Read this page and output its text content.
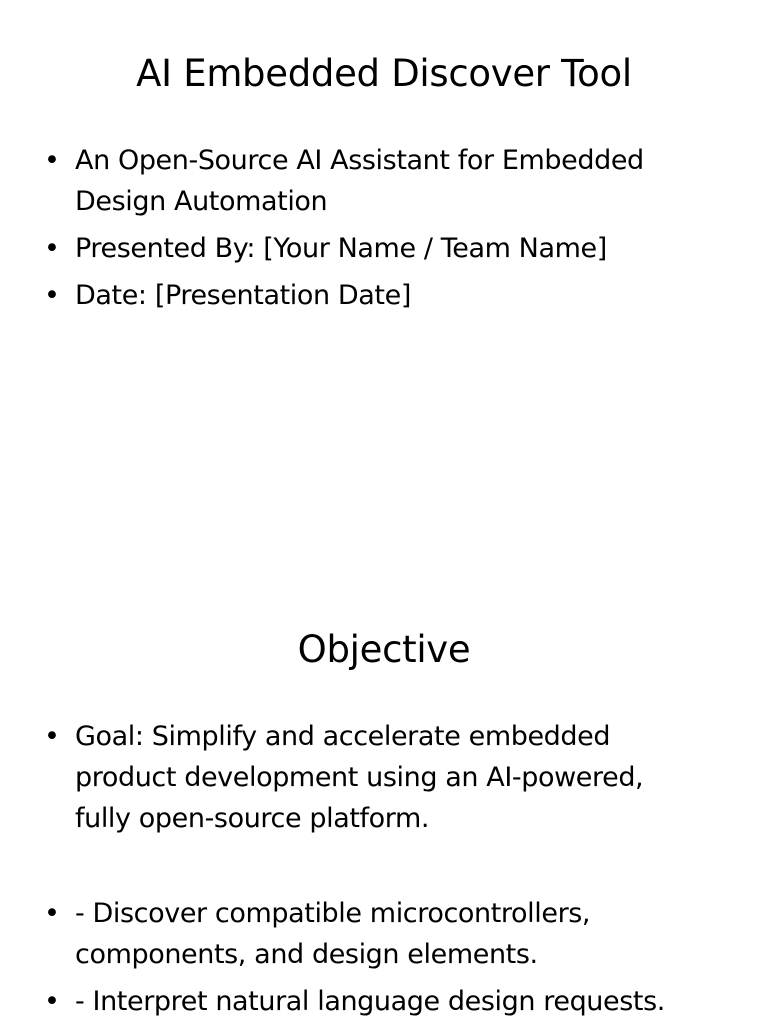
AI Embedded Discover Tool
• An Open-Source AI Assistant for Embedded Design Automation
• Presented By: [Your Name / Team Name]
• Date: [Presentation Date]
Objective
• Goal: Simplify and accelerate embedded product development using an AI-powered, fully open-source platform.
• - Discover compatible microcontrollers, components, and design elements.
• - Interpret natural language design requests.
